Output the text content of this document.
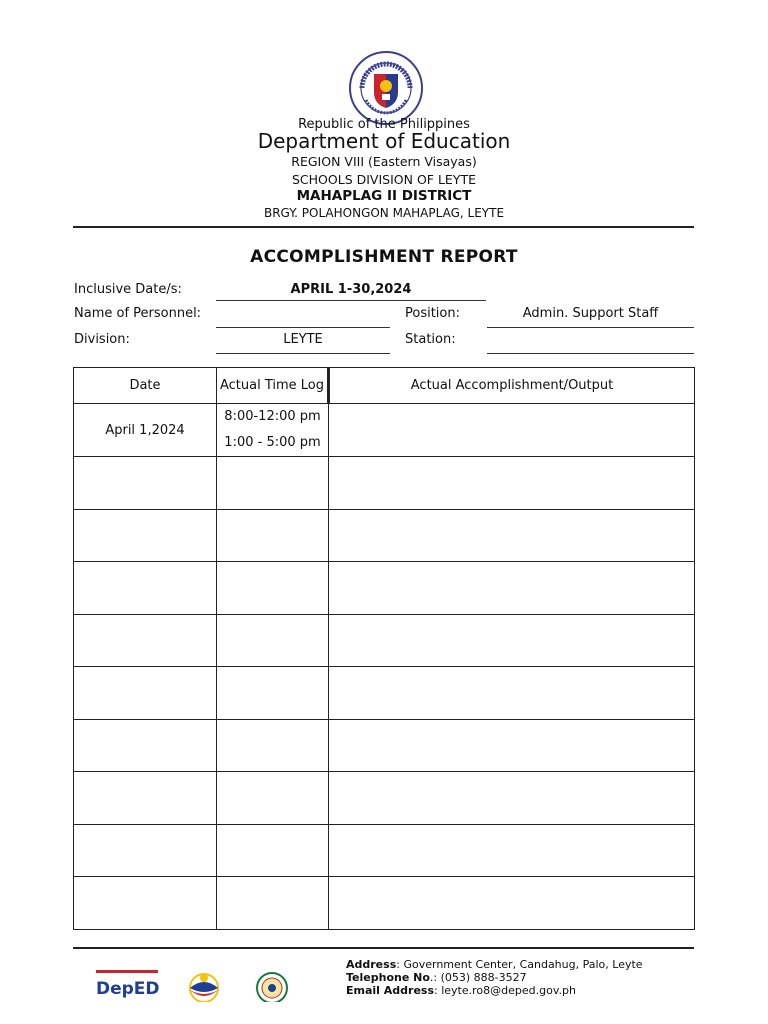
Republic of the Philippines
Department of Education
REGION VIII (Eastern Visayas)
SCHOOLS DIVISION OF LEYTE
MAHAPLAG II DISTRICT
BRGY. POLAHONGON MAHAPLAG, LEYTE
ACCOMPLISHMENT REPORT
Inclusive Date/s:	APRIL 1-30,2024
Name of Personnel:	Position:	Admin. Support Staff
Division:	LEYTE	Station:
Date	Actual Time Log	Actual Accomplishment/Output
April 1,2024	8:00-12:00 pm
1:00 - 5:00 pm	

DepED
Address: Government Center, Candahug, Palo, Leyte
Telephone No.: (053) 888-3527
Email Address: leyte.ro8@deped.gov.ph
